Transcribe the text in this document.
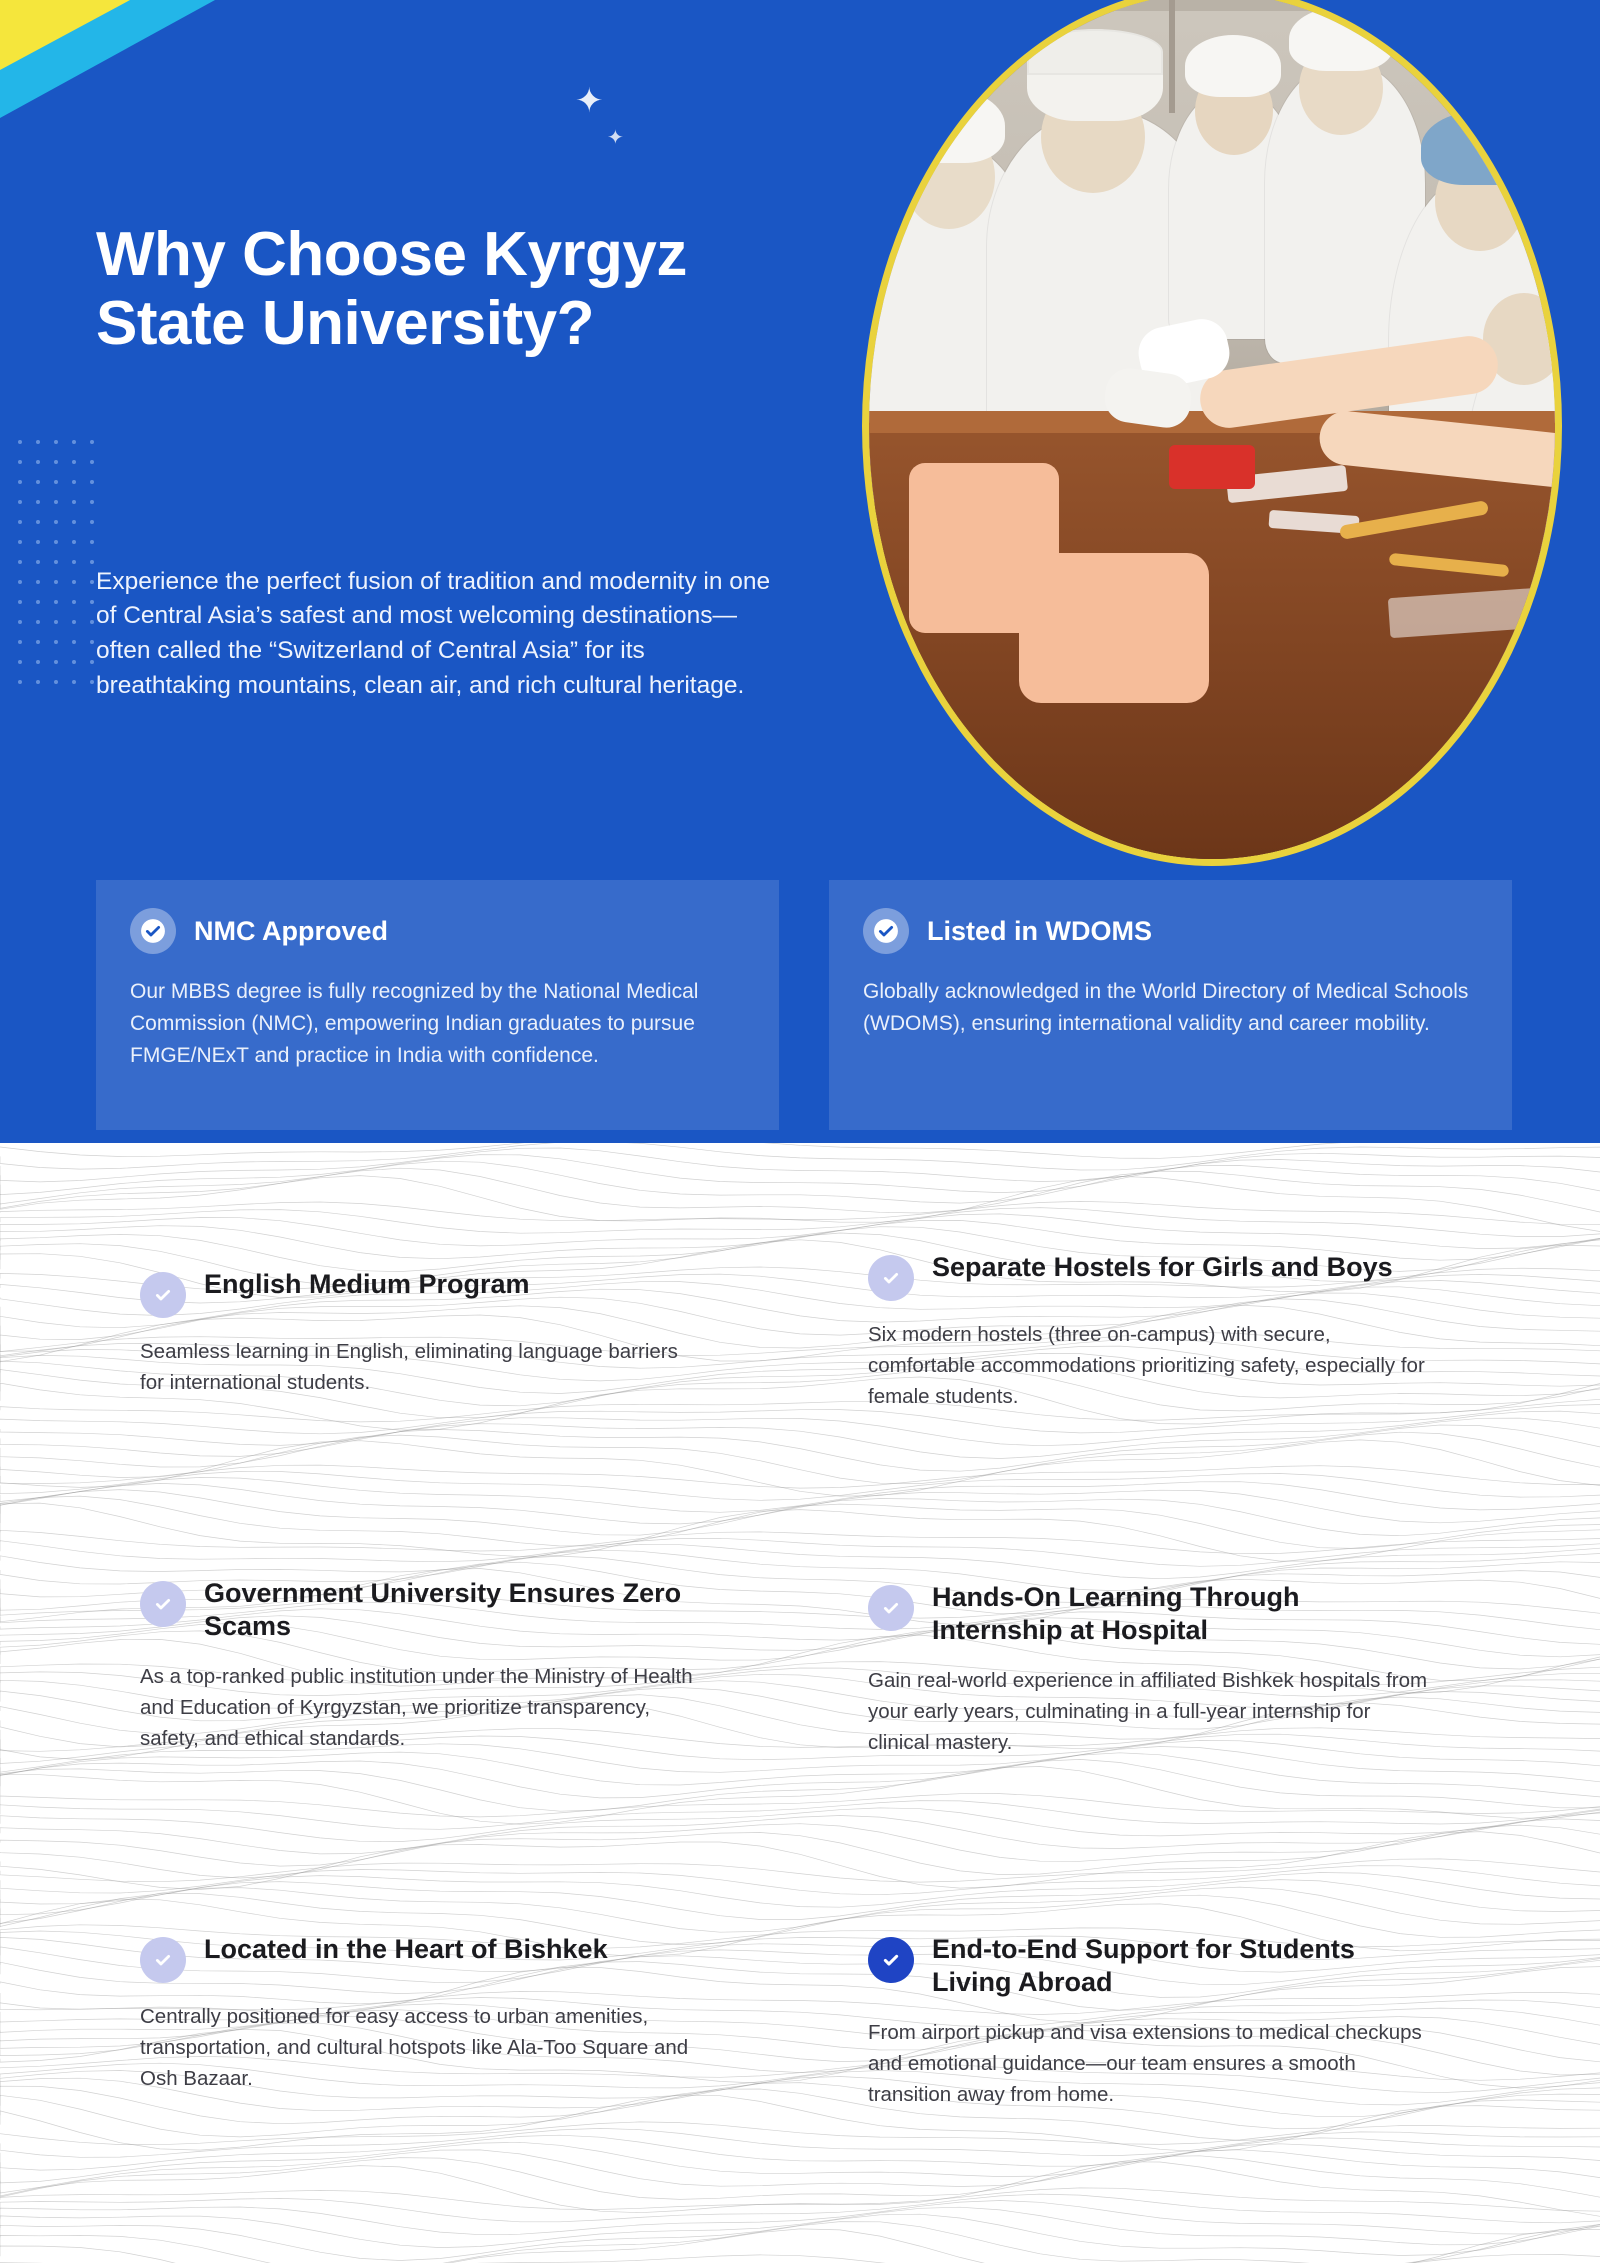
✦
✦
Why Choose Kyrgyz State University?

Experience the perfect fusion of tradition and modernity in one of Central Asia’s safest and most welcoming destinations—often called the “Switzerland of Central Asia” for its breathtaking mountains, clean air, and rich cultural heritage.

NMC Approved
Our MBBS degree is fully recognized by the National Medical Commission (NMC), empowering Indian graduates to pursue FMGE/NExT and practice in India with confidence.
Listed in WDOMS
Globally acknowledged in the World Directory of Medical Schools (WDOMS), ensuring international validity and career mobility.
English Medium Program
Seamless learning in English, eliminating language barriers for international students.
Separate Hostels for Girls and Boys
Six modern hostels (three on-campus) with secure, comfortable accommodations prioritizing safety, especially for female students.
Government University Ensures Zero Scams
As a top-ranked public institution under the Ministry of Health and Education of Kyrgyzstan, we prioritize transparency, safety, and ethical standards.
Hands-On Learning Through Internship at Hospital
Gain real-world experience in affiliated Bishkek hospitals from your early years, culminating in a full-year internship for clinical mastery.
Located in the Heart of Bishkek
Centrally positioned for easy access to urban amenities, transportation, and cultural hotspots like Ala-Too Square and Osh Bazaar.
End-to-End Support for Students Living Abroad
From airport pickup and visa extensions to medical checkups and emotional guidance—our team ensures a smooth transition away from home.
